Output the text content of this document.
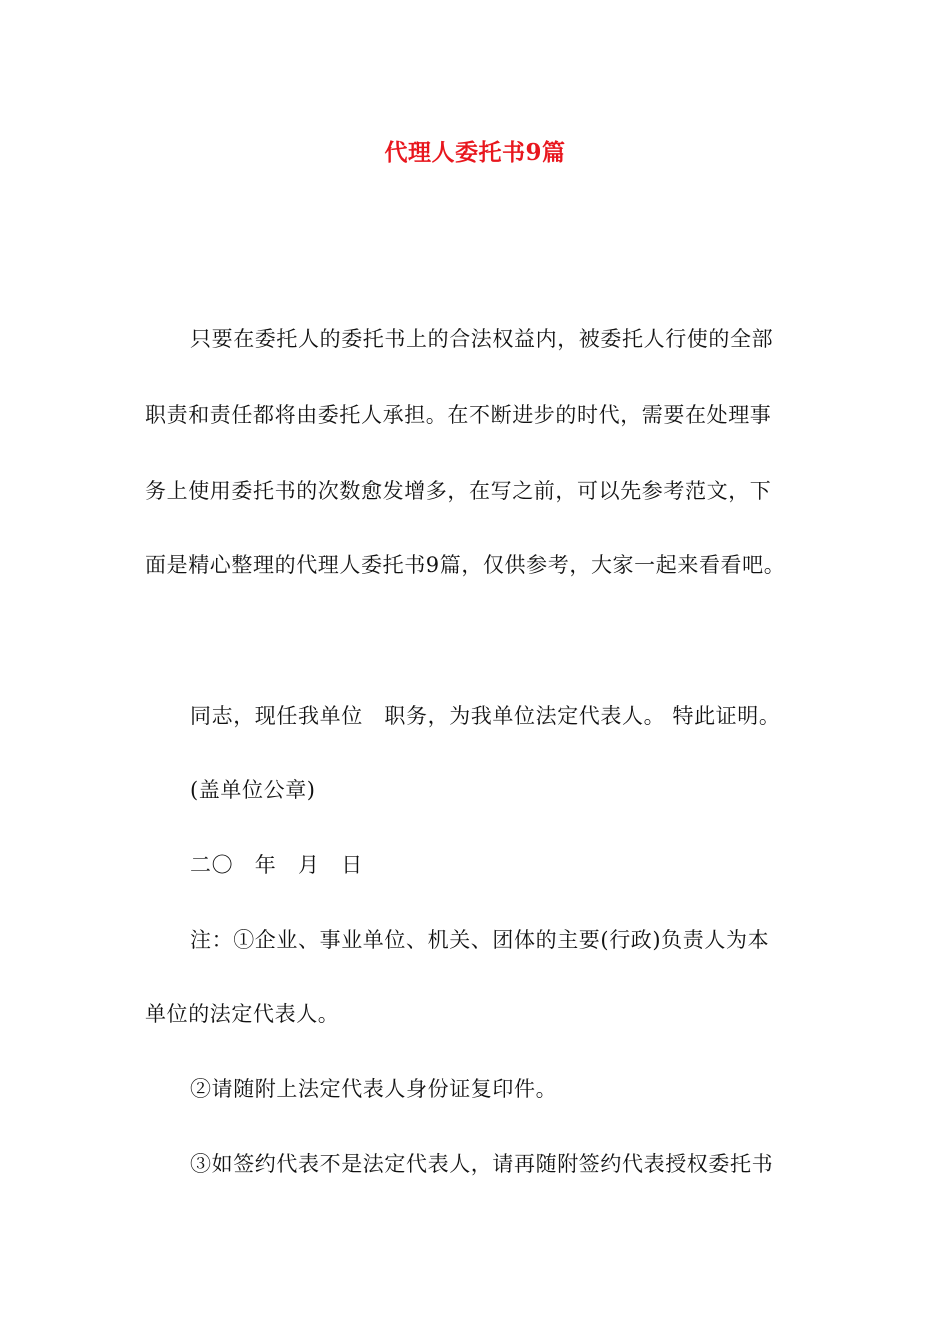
代理人委托书9篇
只要在委托人的委托书上的合法权益内，被委托人行使的全部
职责和责任都将由委托人承担。在不断进步的时代，需要在处理事
务上使用委托书的次数愈发增多，在写之前，可以先参考范文，下
面是精心整理的代理人委托书9篇，仅供参考，大家一起来看看吧。
同志，现任我单位　职务，为我单位法定代表人。 特此证明。
(盖单位公章)
二〇　年　月　日
注：①企业、事业单位、机关、团体的主要(行政)负责人为本
单位的法定代表人。
②请随附上法定代表人身份证复印件。
③如签约代表不是法定代表人，请再随附签约代表授权委托书
